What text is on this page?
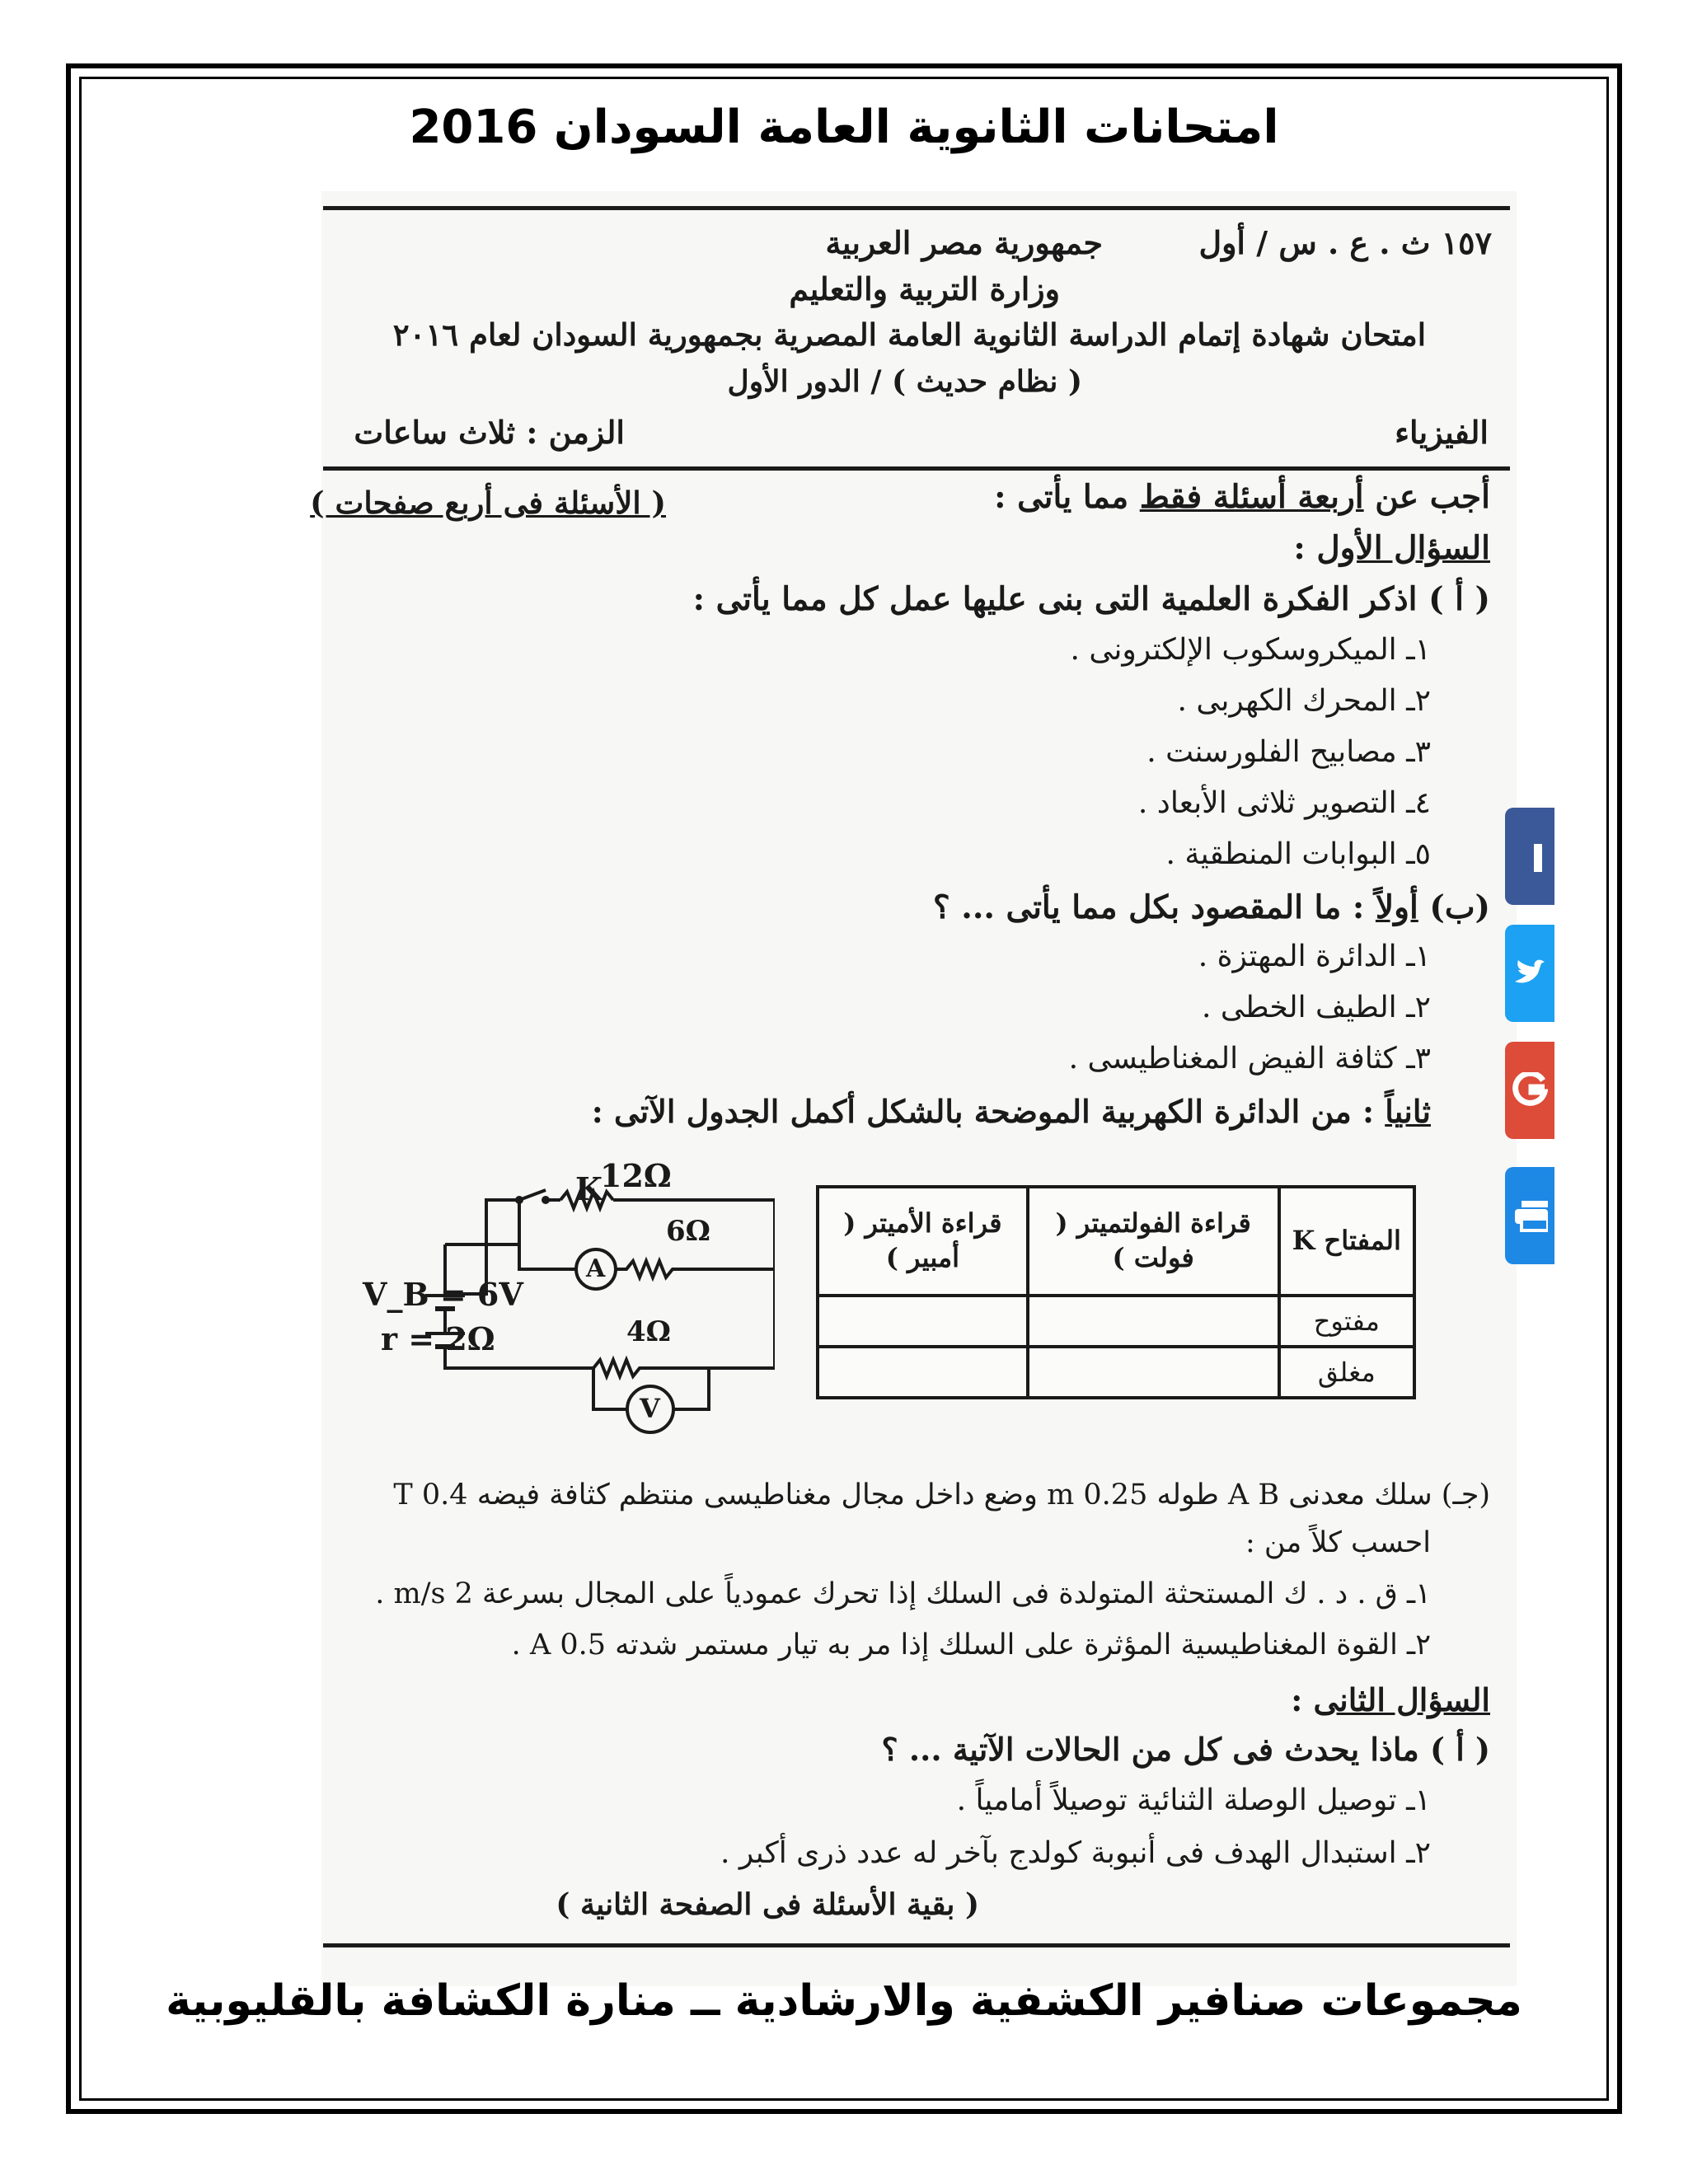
امتحانات الثانوية العامة السودان 2016
١٥٧ ث . ع . س / أول
جمهورية مصر العربية
وزارة التربية والتعليم
امتحان شهادة إتمام الدراسة الثانوية العامة المصرية بجمهورية السودان لعام ٢٠١٦
( نظام حديث ) / الدور الأول
الفيزياء
الزمن : ثلاث ساعات
أجب عن أربعة أسئلة فقط مما يأتى :
( الأسئلة فى أربع صفحات )
السؤال الأول :
( أ ) اذكر الفكرة العلمية التى بنى عليها عمل كل مما يأتى :
١ـ الميكروسكوب الإلكترونى .
٢ـ المحرك الكهربى .
٣ـ مصابيح الفلورسنت .
٤ـ التصوير ثلاثى الأبعاد .
٥ـ البوابات المنطقية .
(ب) أولاً : ما المقصود بكل مما يأتى ... ؟
١ـ الدائرة المهتزة .
٢ـ الطيف الخطى .
٣ـ كثافة الفيض المغناطيسى .
ثانياً : من الدائرة الكهربية الموضحة بالشكل أكمل الجدول الآتى :
12Ω
6Ω
4Ω
K
A
V
V_B = 6V
r = 2Ω
المفتاح K	قراءة الفولتميتر ( فولت )	قراءة الأميتر ( أمبير )
مفتوح		
مغلق		
(جـ) سلك معدنى A B طوله 0.25 m وضع داخل مجال مغناطيسى منتظم كثافة فيضه 0.4 T
احسب كلاً من :
١ـ ق . د . ك المستحثة المتولدة فى السلك إذا تحرك عمودياً على المجال بسرعة 2 m/s .
٢ـ القوة المغناطيسية المؤثرة على السلك إذا مر به تيار مستمر شدته 0.5 A .
السؤال الثانى :
( أ ) ماذا يحدث فى كل من الحالات الآتية ... ؟
١ـ توصيل الوصلة الثنائية توصيلاً أمامياً .
٢ـ استبدال الهدف فى أنبوبة كولدج بآخر له عدد ذرى أكبر .
( بقية الأسئلة فى الصفحة الثانية )
مجموعات صنافير الكشفية والارشادية ــ منارة الكشافة بالقليوبية
